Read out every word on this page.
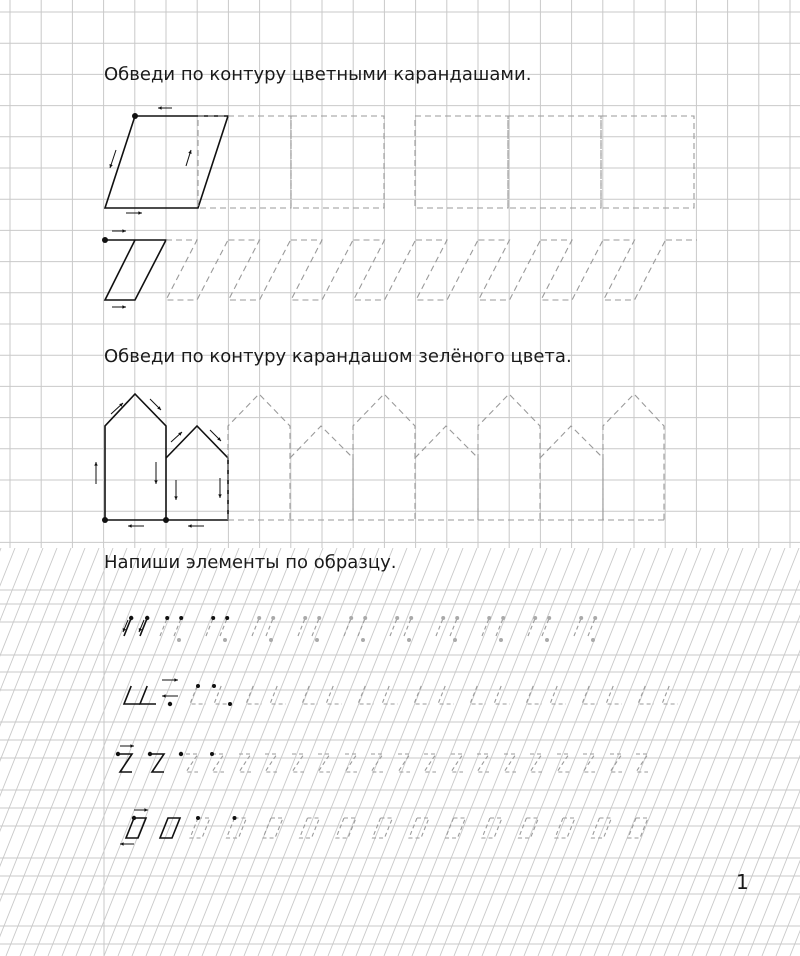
Обведи по контуру цветными карандашами.
Обведи по контуру карандашом зелёного цвета.
Напиши элементы по образцу.
1
